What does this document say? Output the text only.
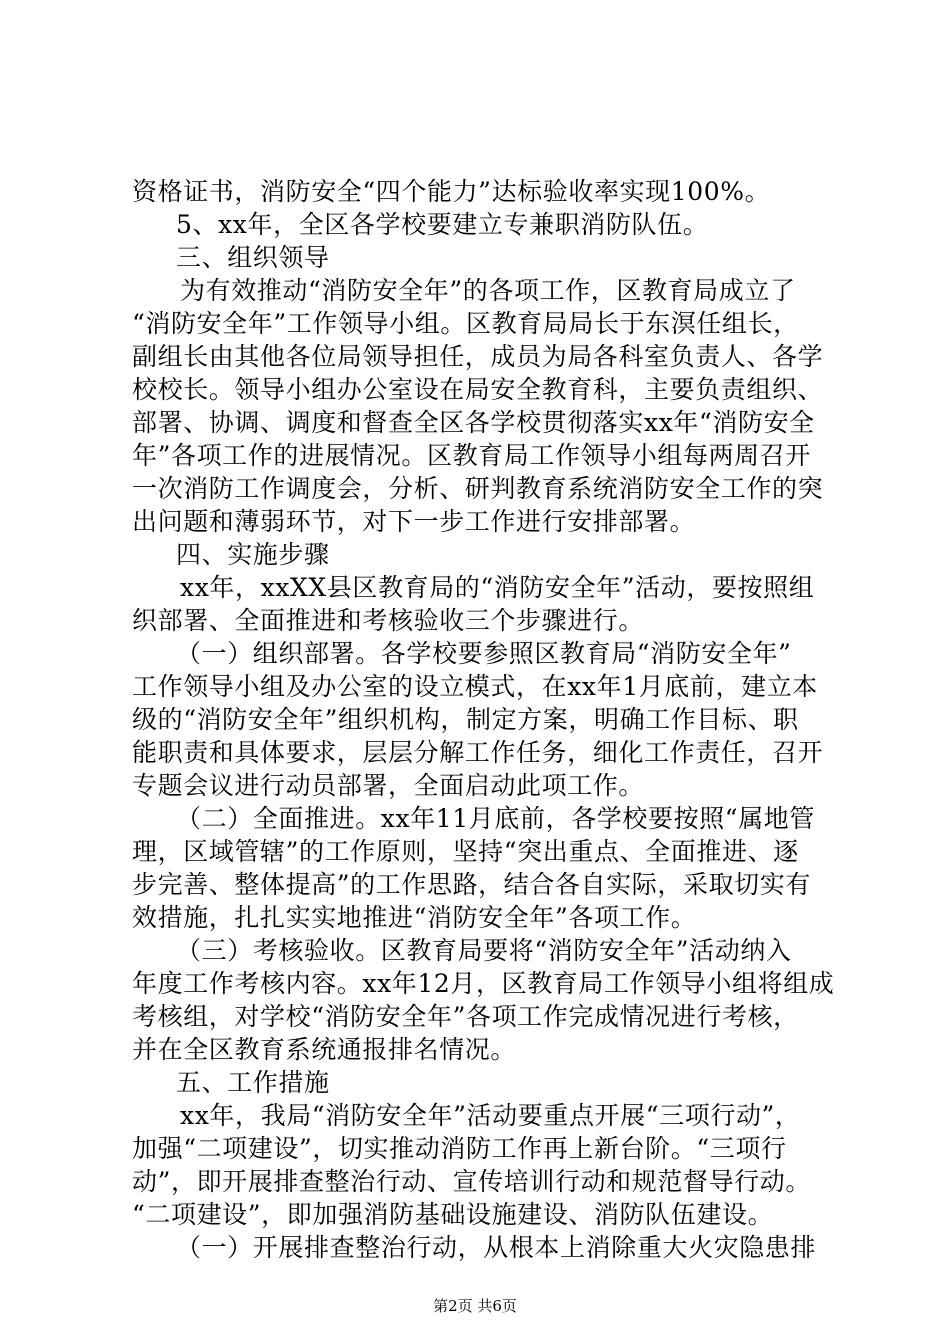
资格证书，消防安全“四个能力”达标验收率实现100%。
5、xx年，全区各学校要建立专兼职消防队伍。
三、组织领导
为有效推动“消防安全年”的各项工作，区教育局成立了
“消防安全年”工作领导小组。区教育局局长于东溟任组长，
副组长由其他各位局领导担任，成员为局各科室负责人、各学
校校长。领导小组办公室设在局安全教育科，主要负责组织、
部署、协调、调度和督查全区各学校贯彻落实xx年“消防安全
年”各项工作的进展情况。区教育局工作领导小组每两周召开
一次消防工作调度会，分析、研判教育系统消防安全工作的突
出问题和薄弱环节，对下一步工作进行安排部署。
四、实施步骤
xx年，xxXX县区教育局的“消防安全年”活动，要按照组
织部署、全面推进和考核验收三个步骤进行。
（一）组织部署。各学校要参照区教育局“消防安全年”
工作领导小组及办公室的设立模式，在xx年1月底前，建立本
级的“消防安全年”组织机构，制定方案，明确工作目标、职
能职责和具体要求，层层分解工作任务，细化工作责任，召开
专题会议进行动员部署，全面启动此项工作。
（二）全面推进。xx年11月底前，各学校要按照“属地管
理，区域管辖”的工作原则，坚持“突出重点、全面推进、逐
步完善、整体提高”的工作思路，结合各自实际，采取切实有
效措施，扎扎实实地推进“消防安全年”各项工作。
（三）考核验收。区教育局要将“消防安全年”活动纳入
年度工作考核内容。xx年12月，区教育局工作领导小组将组成
考核组，对学校“消防安全年”各项工作完成情况进行考核，
并在全区教育系统通报排名情况。
五、工作措施
xx年，我局“消防安全年”活动要重点开展“三项行动”，
加强“二项建设”，切实推动消防工作再上新台阶。“三项行
动”，即开展排查整治行动、宣传培训行动和规范督导行动。
“二项建设”，即加强消防基础设施建设、消防队伍建设。
（一）开展排查整治行动，从根本上消除重大火灾隐患排
第2页 共6页
